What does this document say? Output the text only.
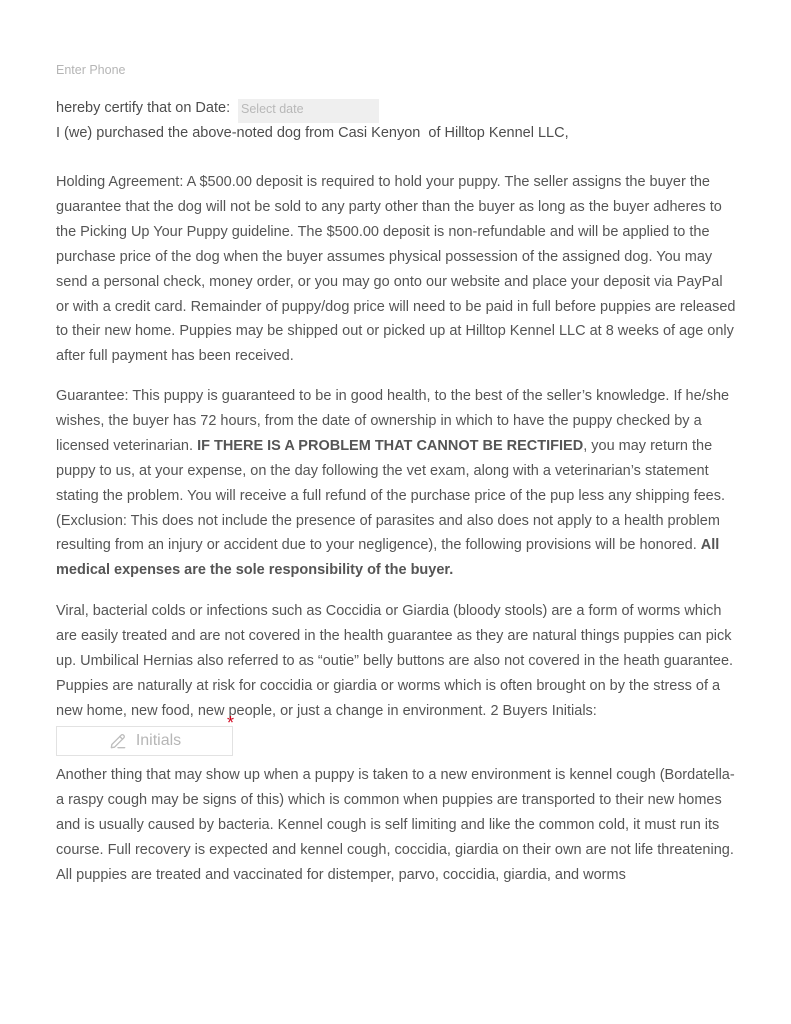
Enter Phone
hereby certify that on Date: Select date
I (we) purchased the above-noted dog from Casi Kenyon  of Hilltop Kennel LLC,

Holding Agreement: A $500.00 deposit is required to hold your puppy. The seller assigns the buyer the guarantee that the dog will not be sold to any party other than the buyer as long as the buyer adheres to the Picking Up Your Puppy guideline. The $500.00 deposit is non-refundable and will be applied to the purchase price of the dog when the buyer assumes physical possession of the assigned dog. You may send a personal check, money order, or you may go onto our website and place your deposit via PayPal or with a credit card. Remainder of puppy/dog price will need to be paid in full before puppies are released to their new home. Puppies may be shipped out or picked up at Hilltop Kennel LLC at 8 weeks of age only after full payment has been received.

Guarantee: This puppy is guaranteed to be in good health, to the best of the seller’s knowledge. If he/she wishes, the buyer has 72 hours, from the date of ownership in which to have the puppy checked by a licensed veterinarian. IF THERE IS A PROBLEM THAT CANNOT BE RECTIFIED, you may return the puppy to us, at your expense, on the day following the vet exam, along with a veterinarian’s statement stating the problem. You will receive a full refund of the purchase price of the pup less any shipping fees. (Exclusion: This does not include the presence of parasites and also does not apply to a health problem resulting from an injury or accident due to your negligence), the following provisions will be honored. All medical expenses are the sole responsibility of the buyer.

Viral, bacterial colds or infections such as Coccidia or Giardia (bloody stools) are a form of worms which are easily treated and are not covered in the health guarantee as they are natural things puppies can pick up. Umbilical Hernias also referred to as “outie” belly buttons are also not covered in the heath guarantee. Puppies are naturally at risk for coccidia or giardia or worms which is often brought on by the stress of a new home, new food, new people, or just a change in environment. 2 Buyers Initials:

Initials
*

Another thing that may show up when a puppy is taken to a new environment is kennel cough (Bordatella- a raspy cough may be signs of this) which is common when puppies are transported to their new homes and is usually caused by bacteria. Kennel cough is self limiting and like the common cold, it must run its course. Full recovery is expected and kennel cough, coccidia, giardia on their own are not life threatening. All puppies are treated and vaccinated for distemper, parvo, coccidia, giardia, and worms
